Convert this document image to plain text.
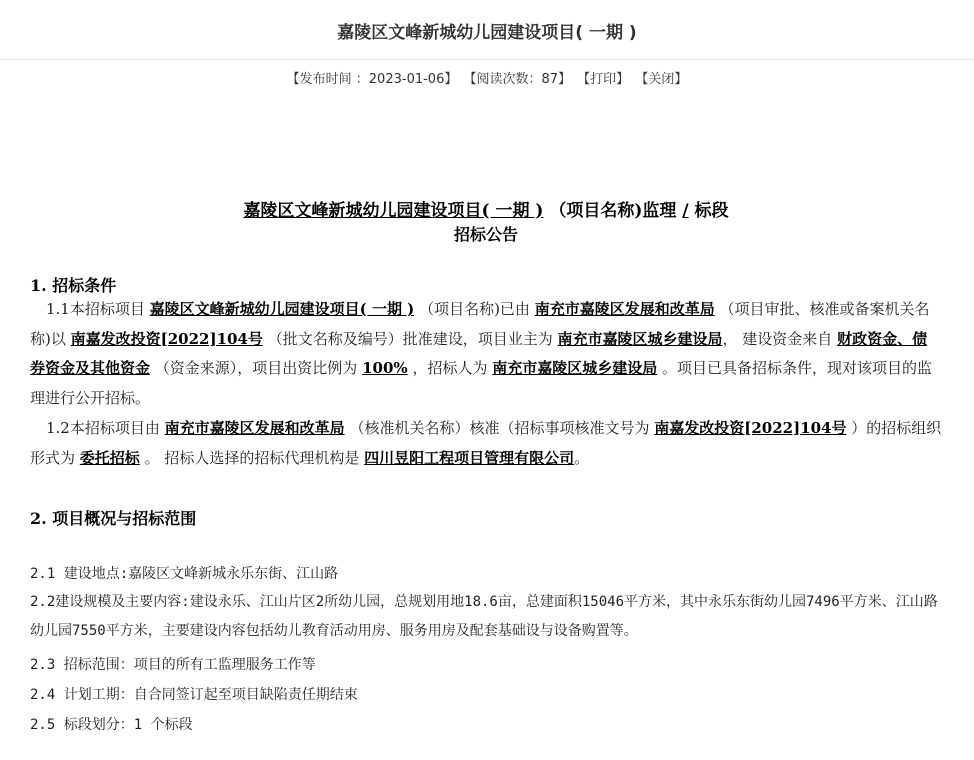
嘉陵区文峰新城幼儿园建设项目( 一期 )
【发布时间 ：2023-01-06】 【阅读次数：87】 【打印】 【关闭】
嘉陵区文峰新城幼儿园建设项目( 一期 ) （项目名称)监理 / 标段
招标公告
1. 招标条件
1.1本招标项目 嘉陵区文峰新城幼儿园建设项目( 一期 ) （项目名称)已由 南充市嘉陵区发展和改革局 （项目审批、核准或备案机关名称)以 南嘉发改投资[2022]104号 （批文名称及编号）批准建设，项目业主为 南充市嘉陵区城乡建设局， 建设资金来自 财政资金、债券资金及其他资金 （资金来源），项目出资比例为 100% ，招标人为 南充市嘉陵区城乡建设局 。项目已具备招标条件，现对该项目的监理进行公开招标。
1.2本招标项目由 南充市嘉陵区发展和改革局 （核准机关名称）核准（招标事项核准文号为 南嘉发改投资[2022]104号 ）的招标组织形式为 委托招标 。 招标人选择的招标代理机构是 四川昱阳工程项目管理有限公司。
2. 项目概况与招标范围
2.1 建设地点:嘉陵区文峰新城永乐东街、江山路
2.2建设规模及主要内容:建设永乐、江山片区2所幼儿园，总规划用地18.6亩，总建面积15046平方米，其中永乐东街幼儿园7496平方米、江山路幼儿园7550平方米，主要建设内容包括幼儿教育活动用房、服务用房及配套基础设与设备购置等。
2.3 招标范围：项目的所有工监理服务工作等
2.4 计划工期：自合同签订起至项目缺陷责任期结束
2.5 标段划分：1 个标段
